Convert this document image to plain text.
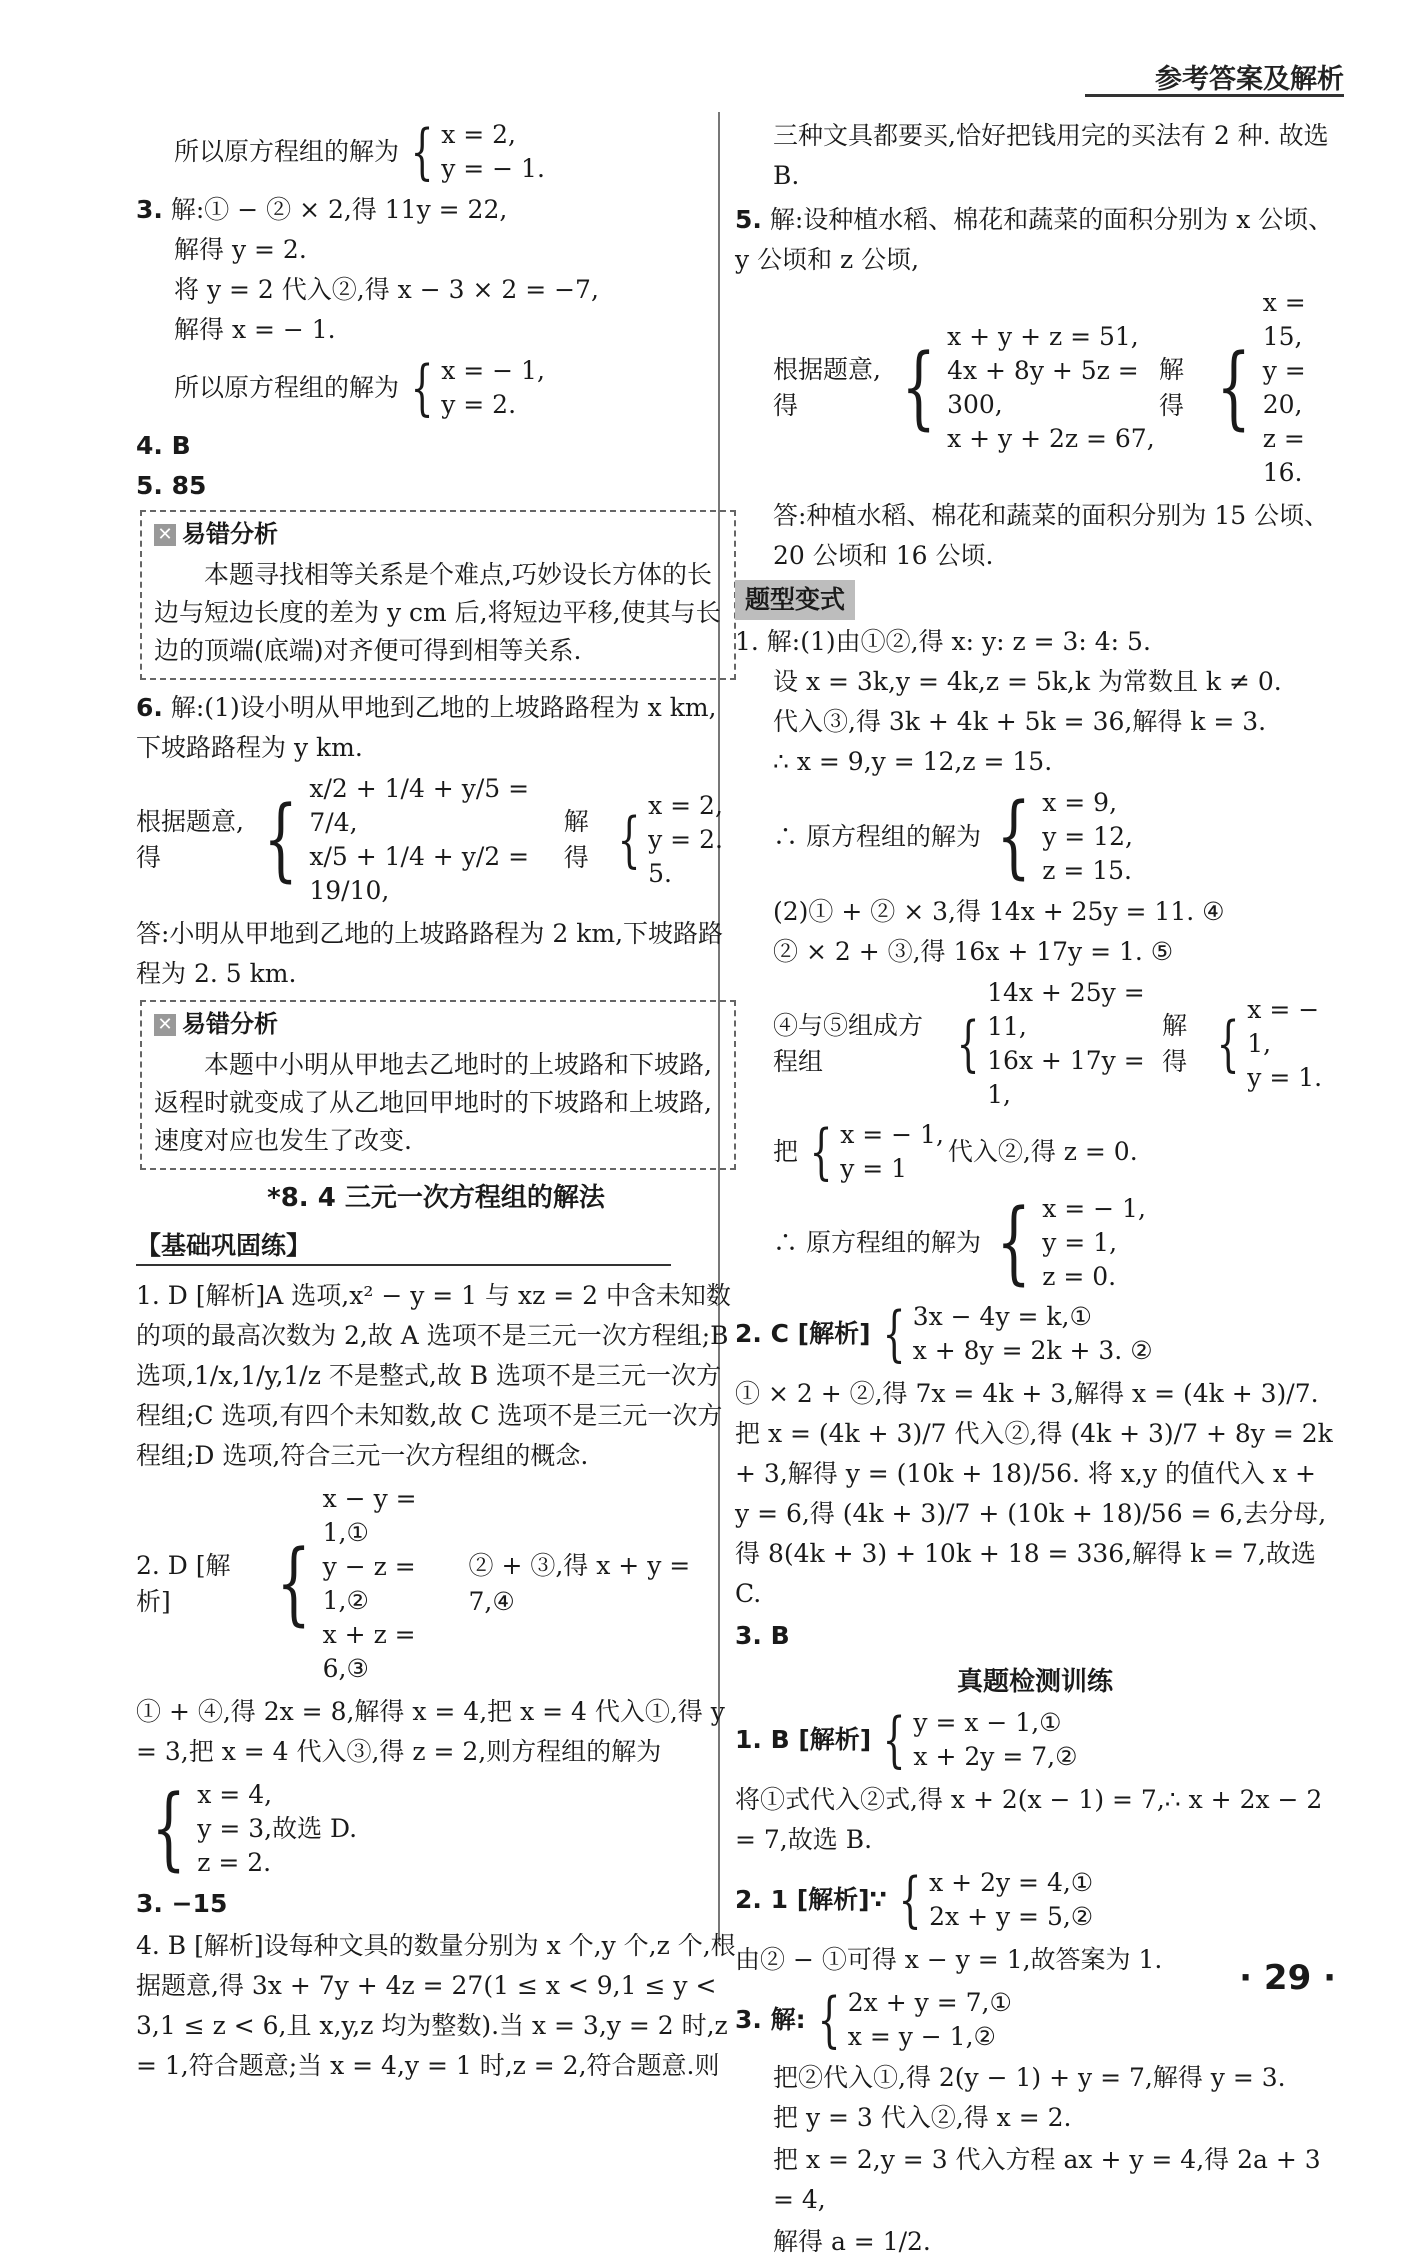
参考答案及解析
所以原方程组的解为 { x = 2,
y = − 1.
3. 解:① − ② × 2,得 11y = 22,
解得 y = 2.
将 y = 2 代入②,得 x − 3 × 2 = −7,
解得 x = − 1.
所以原方程组的解为 { x = − 1,
y = 2.
4. B
5. 85
✕ 易错分析

本题寻找相等关系是个难点,巧妙设长方体的长边与短边长度的差为 y cm 后,将短边平移,使其与长边的顶端(底端)对齐便可得到相等关系.

6. 解:(1)设小明从甲地到乙地的上坡路路程为 x km,
下坡路路程为 y km.
根据题意,得	{ x/2 + 1/4 + y/5 = 7/4,
x/5 + 1/4 + y/2 = 19/10,
解得 { x = 2,
y = 2. 5.
答:小明从甲地到乙地的上坡路路程为 2 km,下坡路路程为 2. 5 km.
✕ 易错分析

本题中小明从甲地去乙地时的上坡路和下坡路,返程时就变成了从乙地回甲地时的下坡路和上坡路,速度对应也发生了改变.

*8. 4 三元一次方程组的解法
【基础巩固练】
1. D [解析]A 选项,x² − y = 1 与 xz = 2 中含未知数的项的最高次数为 2,故 A 选项不是三元一次方程组;B 选项,1/x,1/y,1/z 不是整式,故 B 选项不是三元一次方程组;C 选项,有四个未知数,故 C 选项不是三元一次方程组;D 选项,符合三元一次方程组的概念.
2. D [解析]	{
x − y = 1,①
y − z = 1,②
x + z = 6,③
② + ③,得 x + y = 7,④
① + ④,得 2x = 8,解得 x = 4,把 x = 4 代入①,得 y = 3,把 x = 4 代入③,得 z = 2,则方程组的解为
{ x = 4,
y = 3,故选 D.
z = 2.
3. −15
4. B [解析]设每种文具的数量分别为 x 个,y 个,z 个,根据题意,得 3x + 7y + 4z = 27(1 ≤ x < 9,1 ≤ y < 3,1 ≤ z < 6,且 x,y,z 均为整数).当 x = 3,y = 2 时,z = 1,符合题意;当 x = 4,y = 1 时,z = 2,符合题意.则
三种文具都要买,恰好把钱用完的买法有 2 种. 故选 B.
5. 解:设种植水稻、棉花和蔬菜的面积分别为 x 公顷、y 公顷和 z 公顷,
根据题意,得	{ x + y + z = 51,
4x + 8y + 5z = 300,
x + y + 2z = 67,
解得 {
x = 15,
y = 20,
z = 16.
答:种植水稻、棉花和蔬菜的面积分别为 15 公顷、20 公顷和 16 公顷.
题型变式
1. 解:(1)由①②,得 x: y: z = 3: 4: 5.
设 x = 3k,y = 4k,z = 5k,k 为常数且 k ≠ 0.
代入③,得 3k + 4k + 5k = 36,解得 k = 3.
∴ x = 9,y = 12,z = 15.
∴ 原方程组的解为 { x = 9,
y = 12,
z = 15.
(2)① + ② × 3,得 14x + 25y = 11. ④
② × 2 + ③,得 16x + 17y = 1. ⑤
④与⑤组成方程组	{
14x + 25y = 11,
16x + 17y = 1,
解得 { x = − 1,
y = 1.
把 { x = − 1,
y = 1
代入②,得 z = 0.
∴ 原方程组的解为 { x = − 1,
y = 1,
z = 0.
2. C [解析] { 3x − 4y = k,①
x + 8y = 2k + 3. ②
① × 2 + ②,得 7x = 4k + 3,解得 x = (4k + 3)/7. 把 x = (4k + 3)/7 代入②,得 (4k + 3)/7 + 8y = 2k + 3,解得 y = (10k + 18)/56. 将 x,y 的值代入 x + y = 6,得 (4k + 3)/7 + (10k + 18)/56 = 6,去分母,得 8(4k + 3) + 10k + 18 = 336,解得 k = 7,故选 C.
3. B
真题检测训练
1. B [解析] { y = x − 1,①
x + 2y = 7,②
将①式代入②式,得 x + 2(x − 1) = 7,∴ x + 2x − 2 = 7,故选 B.
2. 1 [解析]∵ { x + 2y = 4,①
2x + y = 5,②
由② − ①可得 x − y = 1,故答案为 1.
3. 解: { 2x + y = 7,①
x = y − 1,②
把②代入①,得 2(y − 1) + y = 7,解得 y = 3.
把 y = 3 代入②,得 x = 2.
把 x = 2,y = 3 代入方程 ax + y = 4,得 2a + 3 = 4,
解得 a = 1/2.
· 29 ·
